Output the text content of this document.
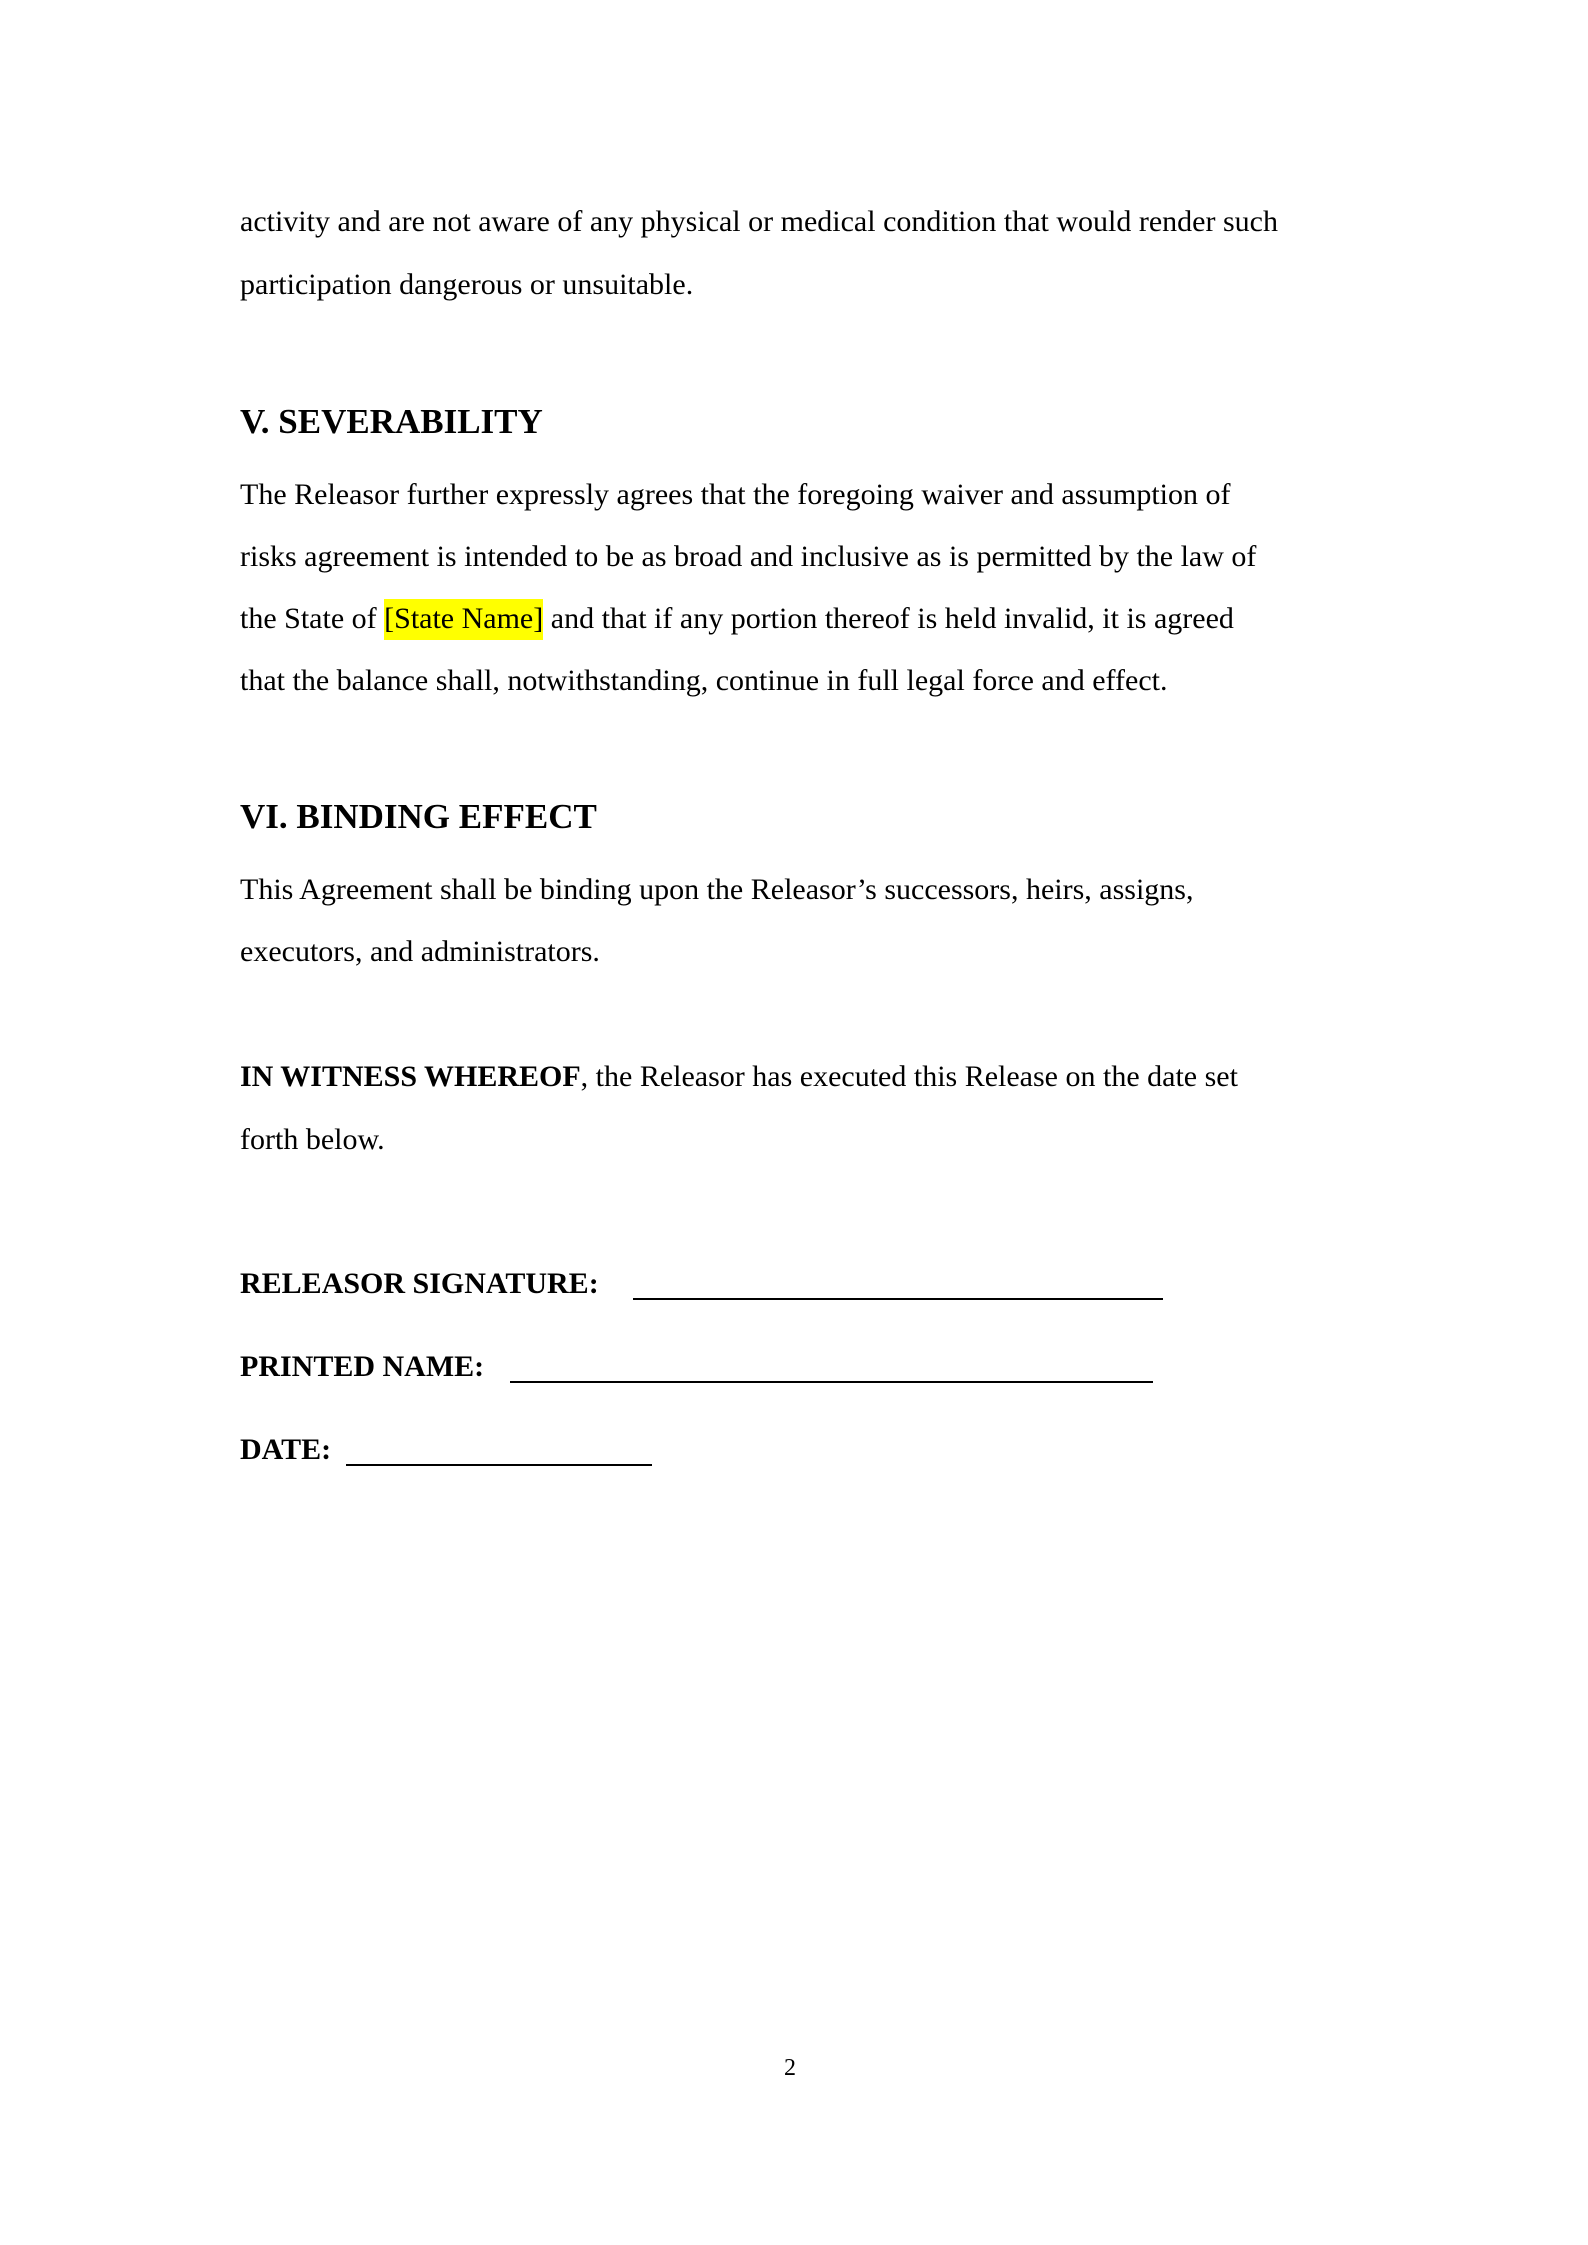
activity and are not aware of any physical or medical condition that would render such
participation dangerous or unsuitable.
V. SEVERABILITY
The Releasor further expressly agrees that the foregoing waiver and assumption of
risks agreement is intended to be as broad and inclusive as is permitted by the law of
the State of [State Name] and that if any portion thereof is held invalid, it is agreed
that the balance shall, notwithstanding, continue in full legal force and effect.
VI. BINDING EFFECT
This Agreement shall be binding upon the Releasor’s successors, heirs, assigns,
executors, and administrators.
IN WITNESS WHEREOF, the Releasor has executed this Release on the date set
forth below.
RELEASOR SIGNATURE:
PRINTED NAME:
DATE:
2
